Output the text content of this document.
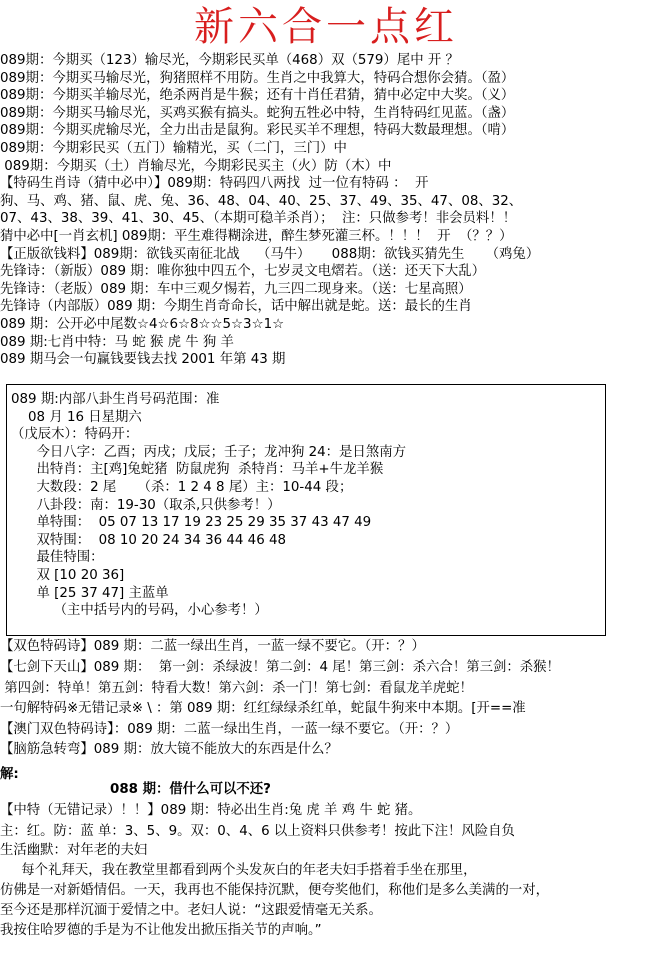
新六合一点红
089期：今期买（123）输尽光，今期彩民买单（468）双（579）尾中 开 ？
089期：今期买马输尽光，狗猪照样不用防。生肖之中我算大，特码合想你会猜。（盈）
089期：今期买羊输尽光，绝杀两肖是牛猴；还有十肖任君猜，猜中必定中大奖。（义）
089期：今期买马输尽光，买鸡买猴有搞头。蛇狗五牲必中特，生肖特码红见蓝。（盏）
089期：今期买虎输尽光，全力出击是鼠狗。彩民买羊不理想，特码大数最理想。（啃）
089期：今期彩民买（五门）输精光，买（二门，三门）中
089期：今期买（土）肖输尽光，今期彩民买主（火）防（木）中
【特码生肖诗（猜中必中）】089期：特码四八两找  过一位有特码 ：  开
狗、马、鸡、猪、鼠、虎、兔、36、48、04、40、25、37、49、35、47、08、32、
07、43、38、39、41、30、45、（本期可稳羊杀肖）；  注：只做参考！非会员料！！
猜中必中[一肖玄机] 089期：平生难得糊涂进，醉生梦死灌三杯。！！！  开  （？？）
【正版欲钱料】089期：欲钱买南征北战    （马牛）     088期：欲钱买猜先生     （鸡兔）
先锋诗：（新版）089 期：唯你独中四五个，七岁灵文电熠若。（送：还天下大乱）
先锋诗：（老版）089 期：车中三观夕惕若，九三四二现身来。（送：七星高照）
先锋诗（内部版）089 期：今期生肖奇命长，话中解出就是蛇。送：最长的生肖
089 期：公开必中尾数☆4☆6☆8☆☆5☆3☆1☆
089 期:七肖中特：马 蛇 猴 虎 牛 狗 羊
089 期马会一句赢钱要钱去找 2001 年第 43 期
089 期:内部八卦生肖号码范围：准
08 月 16 日星期六
（戊辰木）：特码开：
今日八字：乙酉；丙戌；戊辰；壬子；龙冲狗 24：是日煞南方
出特肖：主[鸡]兔蛇猪  防鼠虎狗  杀特肖：马羊+牛龙羊猴
大数段：2 尾     （杀：1 2 4 8 尾）主：10-44 段；
八卦段：南：19-30（取杀,只供参考！）
单特围：  05 07 13 17 19 23 25 29 35 37 43 47 49
双特围：  08 10 20 24 34 36 44 46 48
最佳特围：
双 [10 20 36]
单 [25 37 47] 主蓝单
（主中括号内的号码，小心参考！）
【双色特码诗】089 期：二蓝一绿出生肖，一蓝一绿不要它。（开：？）
【七剑下天山】089 期：  第一剑：杀绿波！第二剑：4 尾！第三剑：杀六合！第三剑：杀猴！
第四剑：特单！第五剑：特看大数！第六剑：杀一门！第七剑：看鼠龙羊虎蛇！
一句解特码※无错记录※ \ ：第 089 期：红红绿绿杀红单，蛇鼠牛狗来中本期。[开==准
【澳门双色特码诗】：089 期：二蓝一绿出生肖，一蓝一绿不要它。（开：？）
【脑筋急转弯】089 期：放大镜不能放大的东西是什么？
解:
088 期：借什么可以不还?
【中特（无错记录）！！】089 期：特必出生肖:兔 虎 羊 鸡 牛 蛇 猪。
主：红。防：蓝 单：3、5、9。双：0、4、6 以上资料只供参考！按此下注！风险自负
生活幽默：对年老的夫妇
每个礼拜天，我在教堂里都看到两个头发灰白的年老夫妇手搭着手坐在那里，
仿佛是一对新婚情侣。一天，我再也不能保持沉默，便夸奖他们，称他们是多么美满的一对，
至今还是那样沉湎于爱情之中。老妇人说：“这跟爱情毫无关系。
我按住哈罗德的手是为不让他发出掀压指关节的声响。”
